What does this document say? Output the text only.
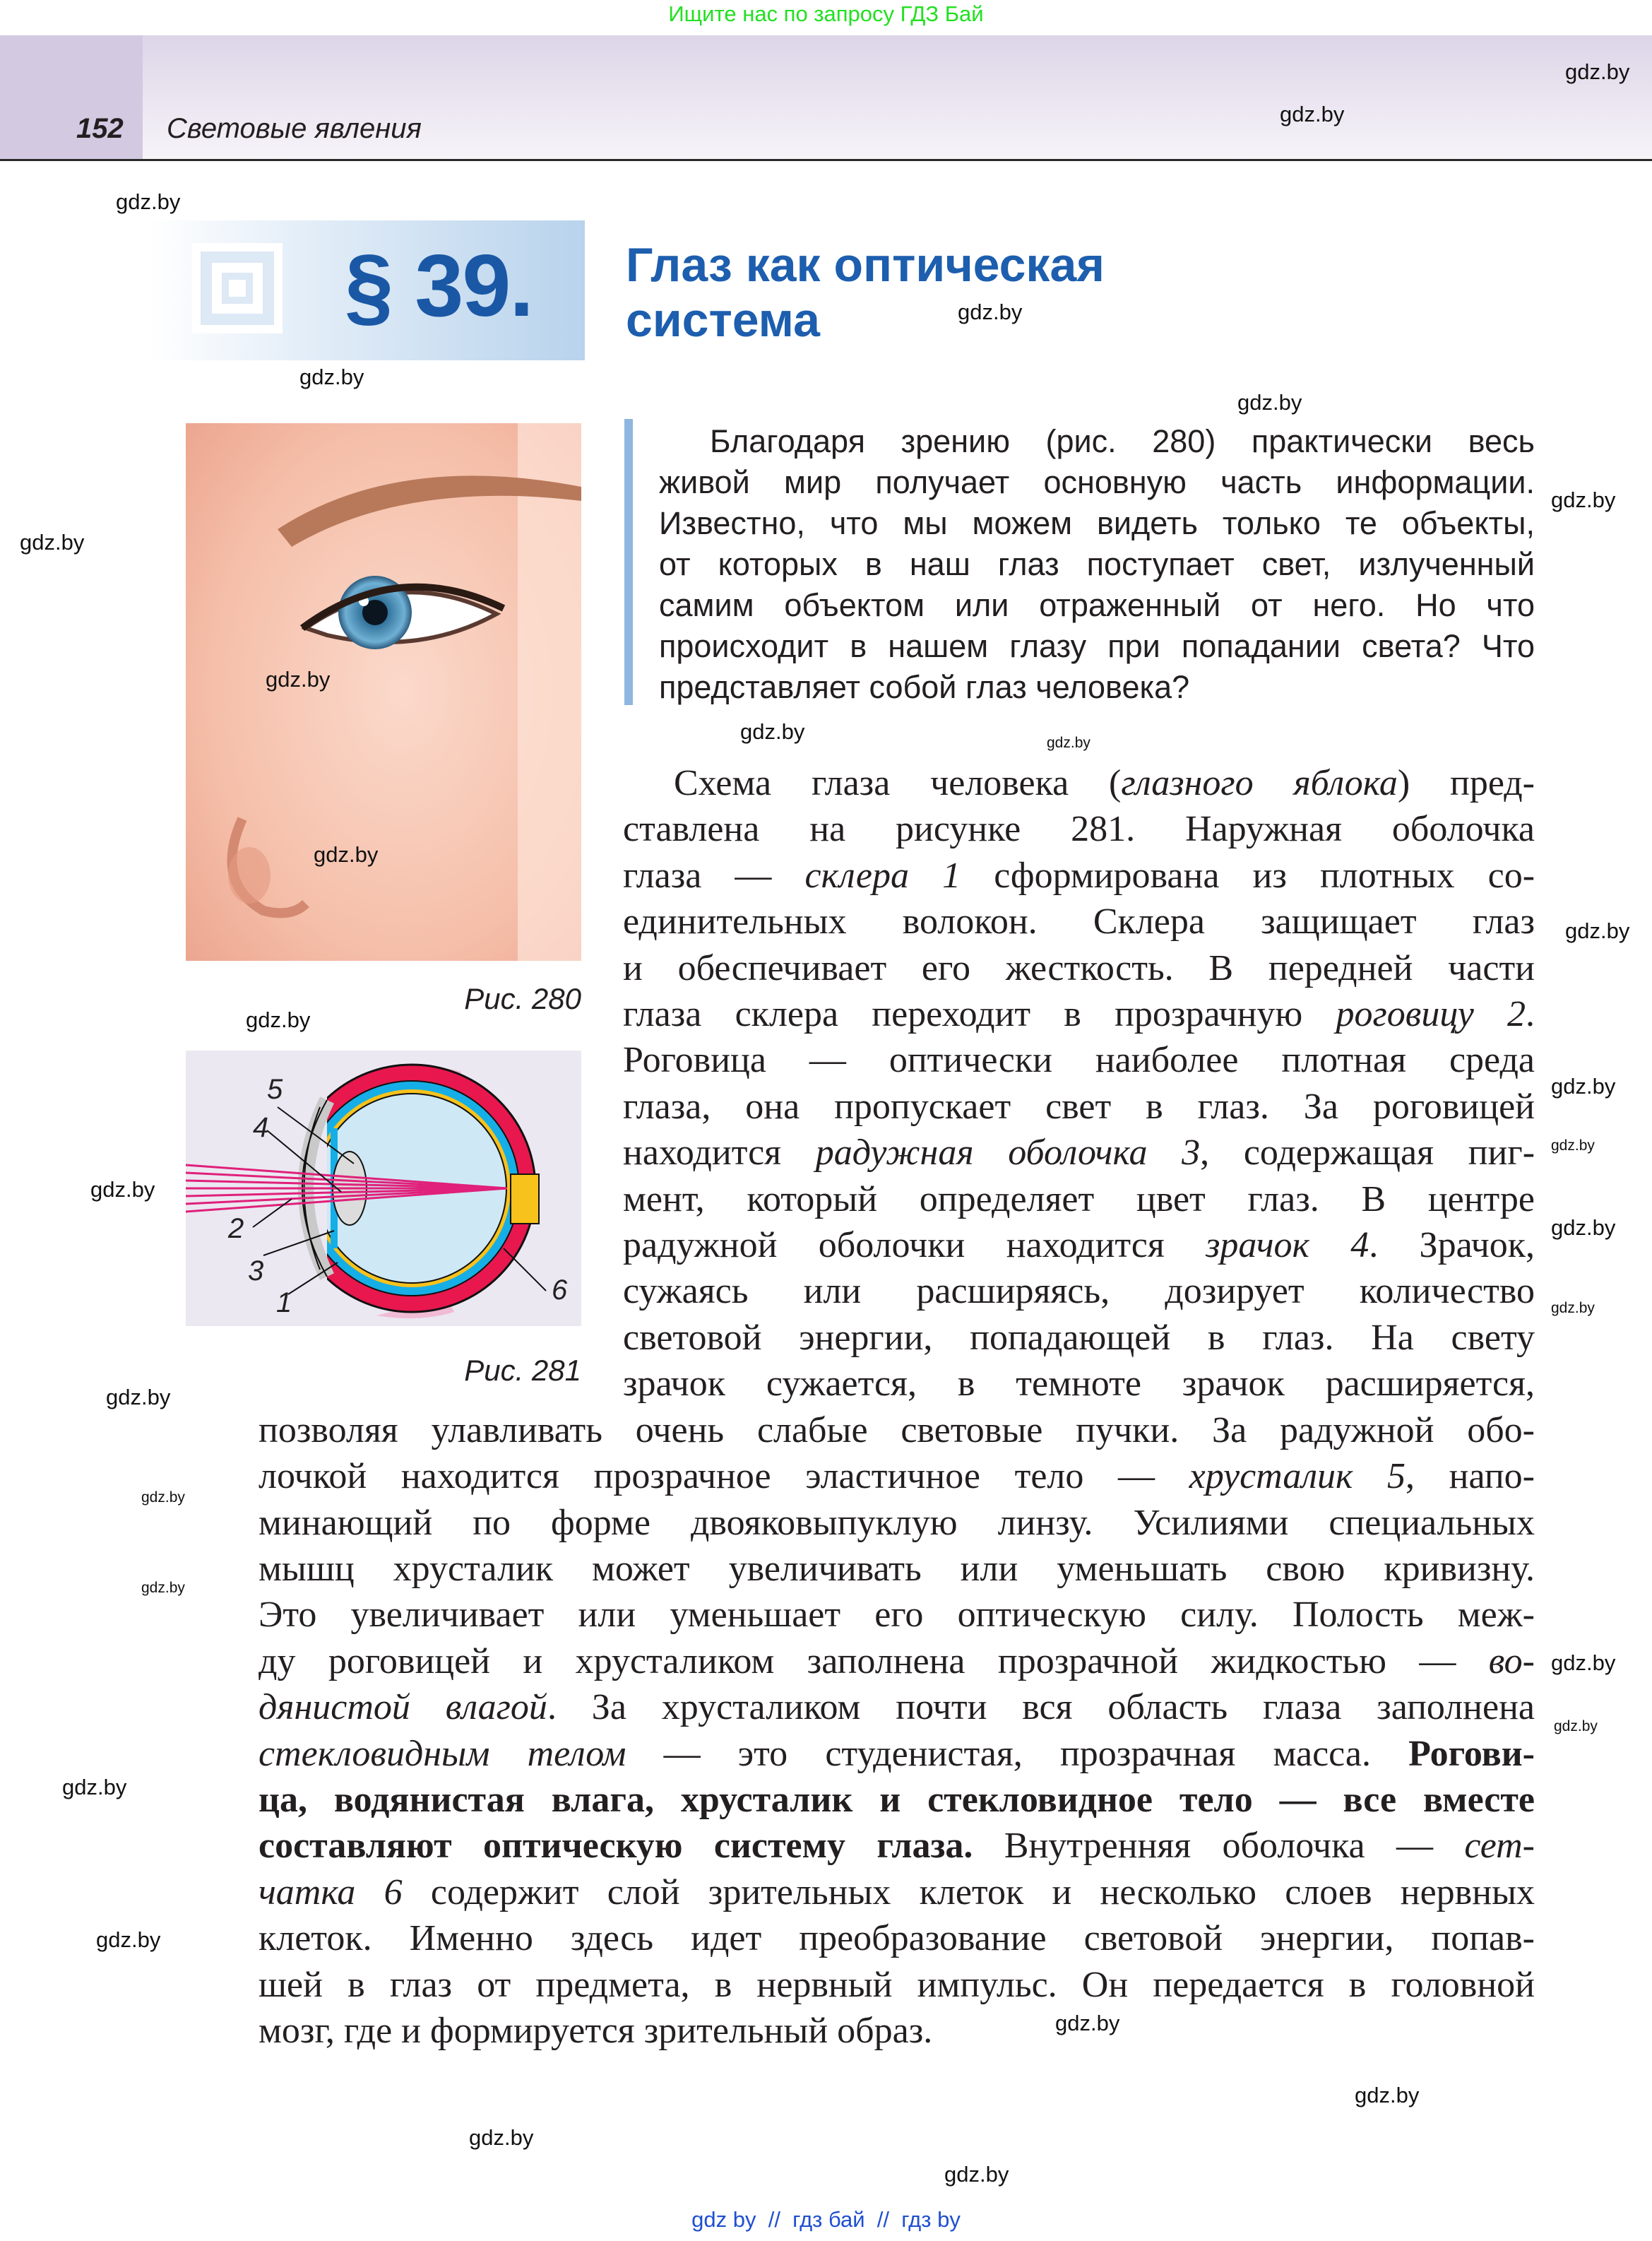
Ищите нас по запросу ГДЗ Бай
152 Световые явления
§ 39. Глаз как оптическая
система
Благодаря зрению (рис. 280) практически весь
живой мир получает основную часть информации.
Известно, что мы можем видеть только те объекты,
от которых в наш глаз поступает свет, излученный
самим объектом или отраженный от него. Но что
происходит в нашем глазу при попадании света? Что
представляет собой глаз человека?
Рис. 280
1
2
3
4
5
6
Рис. 281
Схема глаза человека (глазного яблока) пред-
ставлена на рисунке 281. Наружная оболочка
глаза — склера 1 сформирована из плотных со-
единительных волокон. Склера защищает глаз
и обеспечивает его жесткость. В передней части
глаза склера переходит в прозрачную роговицу 2.
Роговица — оптически наиболее плотная среда
глаза, она пропускает свет в глаз. За роговицей
находится радужная оболочка 3, содержащая пиг-
мент, который определяет цвет глаз. В центре
радужной оболочки находится зрачок 4. Зрачок,
сужаясь или расширяясь, дозирует количество
световой энергии, попадающей в глаз. На свету
зрачок сужается, в темноте зрачок расширяется,
позволяя улавливать очень слабые световые пучки. За радужной обо-
лочкой находится прозрачное эластичное тело — хрусталик 5, напо-
минающий по форме двояковыпуклую линзу. Усилиями специальных
мышц хрусталик может увеличивать или уменьшать свою кривизну.
Это увеличивает или уменьшает его оптическую силу. Полость меж-
ду роговицей и хрусталиком заполнена прозрачной жидкостью — во-
дянистой влагой. За хрусталиком почти вся область глаза заполнена
стекловидным телом — это студенистая, прозрачная масса. Рогови-
ца, водянистая влага, хрусталик и стекловидное тело — все вместе
составляют оптическую систему глаза. Внутренняя оболочка — сет-
чатка 6 содержит слой зрительных клеток и несколько слоев нервных
клеток. Именно здесь идет преобразование световой энергии, попав-
шей в глаз от предмета, в нервный импульс. Он передается в головной
мозг, где и формируется зрительный образ.
gdz.by
gdz.by
gdz.by
gdz.by
gdz.by
gdz.by
gdz.by
gdz.by
gdz.by
gdz.by
gdz.by	gdz.by
gdz.by
gdz.by
gdz.by
gdz.by
gdz.by
gdz.by
gdz.by
gdz.by
gdz.by
gdz.by
gdz.by
gdz.by
gdz.by
gdz.by
gdz.by
gdz.by
gdz.by
gdz.by
gdz by  //  гдз бай  //  гдз by
